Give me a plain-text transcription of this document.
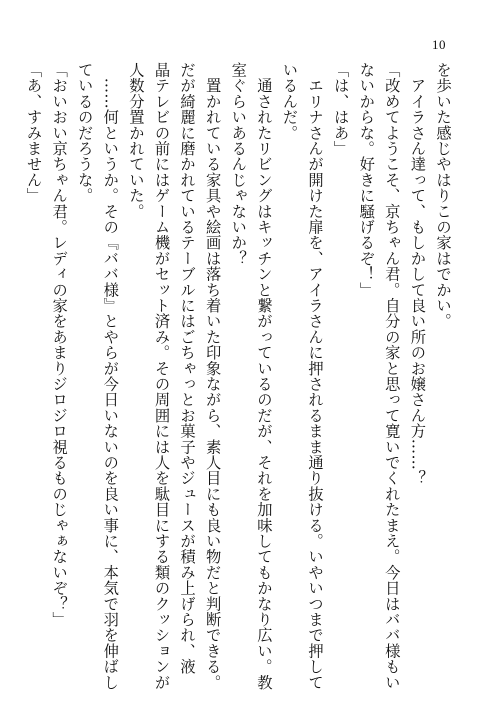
10
を歩いた感じやはりこの家はでかい。
アイラさん達って、もしかして良い所のお嬢さん方……？
「改めてようこそ、京ちゃん君。自分の家と思って寛いでくれたまえ。今日はババ様もい
ないからな。好きに騒げるぞ！」
「は、はあ」
エリナさんが開けた扉を、アイラさんに押されるまま通り抜ける。いやいつまで押して
いるんだ。
通されたリビングはキッチンと繋がっているのだが、それを加味してもかなり広い。教
室ぐらいあるんじゃないか？
置かれている家具や絵画は落ち着いた印象ながら、素人目にも良い物だと判断できる。
だが綺麗に磨かれているテーブルにはごちゃっとお菓子やジュースが積み上げられ、液
晶テレビの前にはゲーム機がセット済み。その周囲には人を駄目にする類のクッションが
人数分置かれていた。
……何というか。その『ババ様』とやらが今日いないのを良い事に、本気で羽を伸ばし
ているのだろうな。
「おいおい京ちゃん君。レディの家をあまりジロジロ視るものじゃぁないぞ？」
「あ、すみません」
